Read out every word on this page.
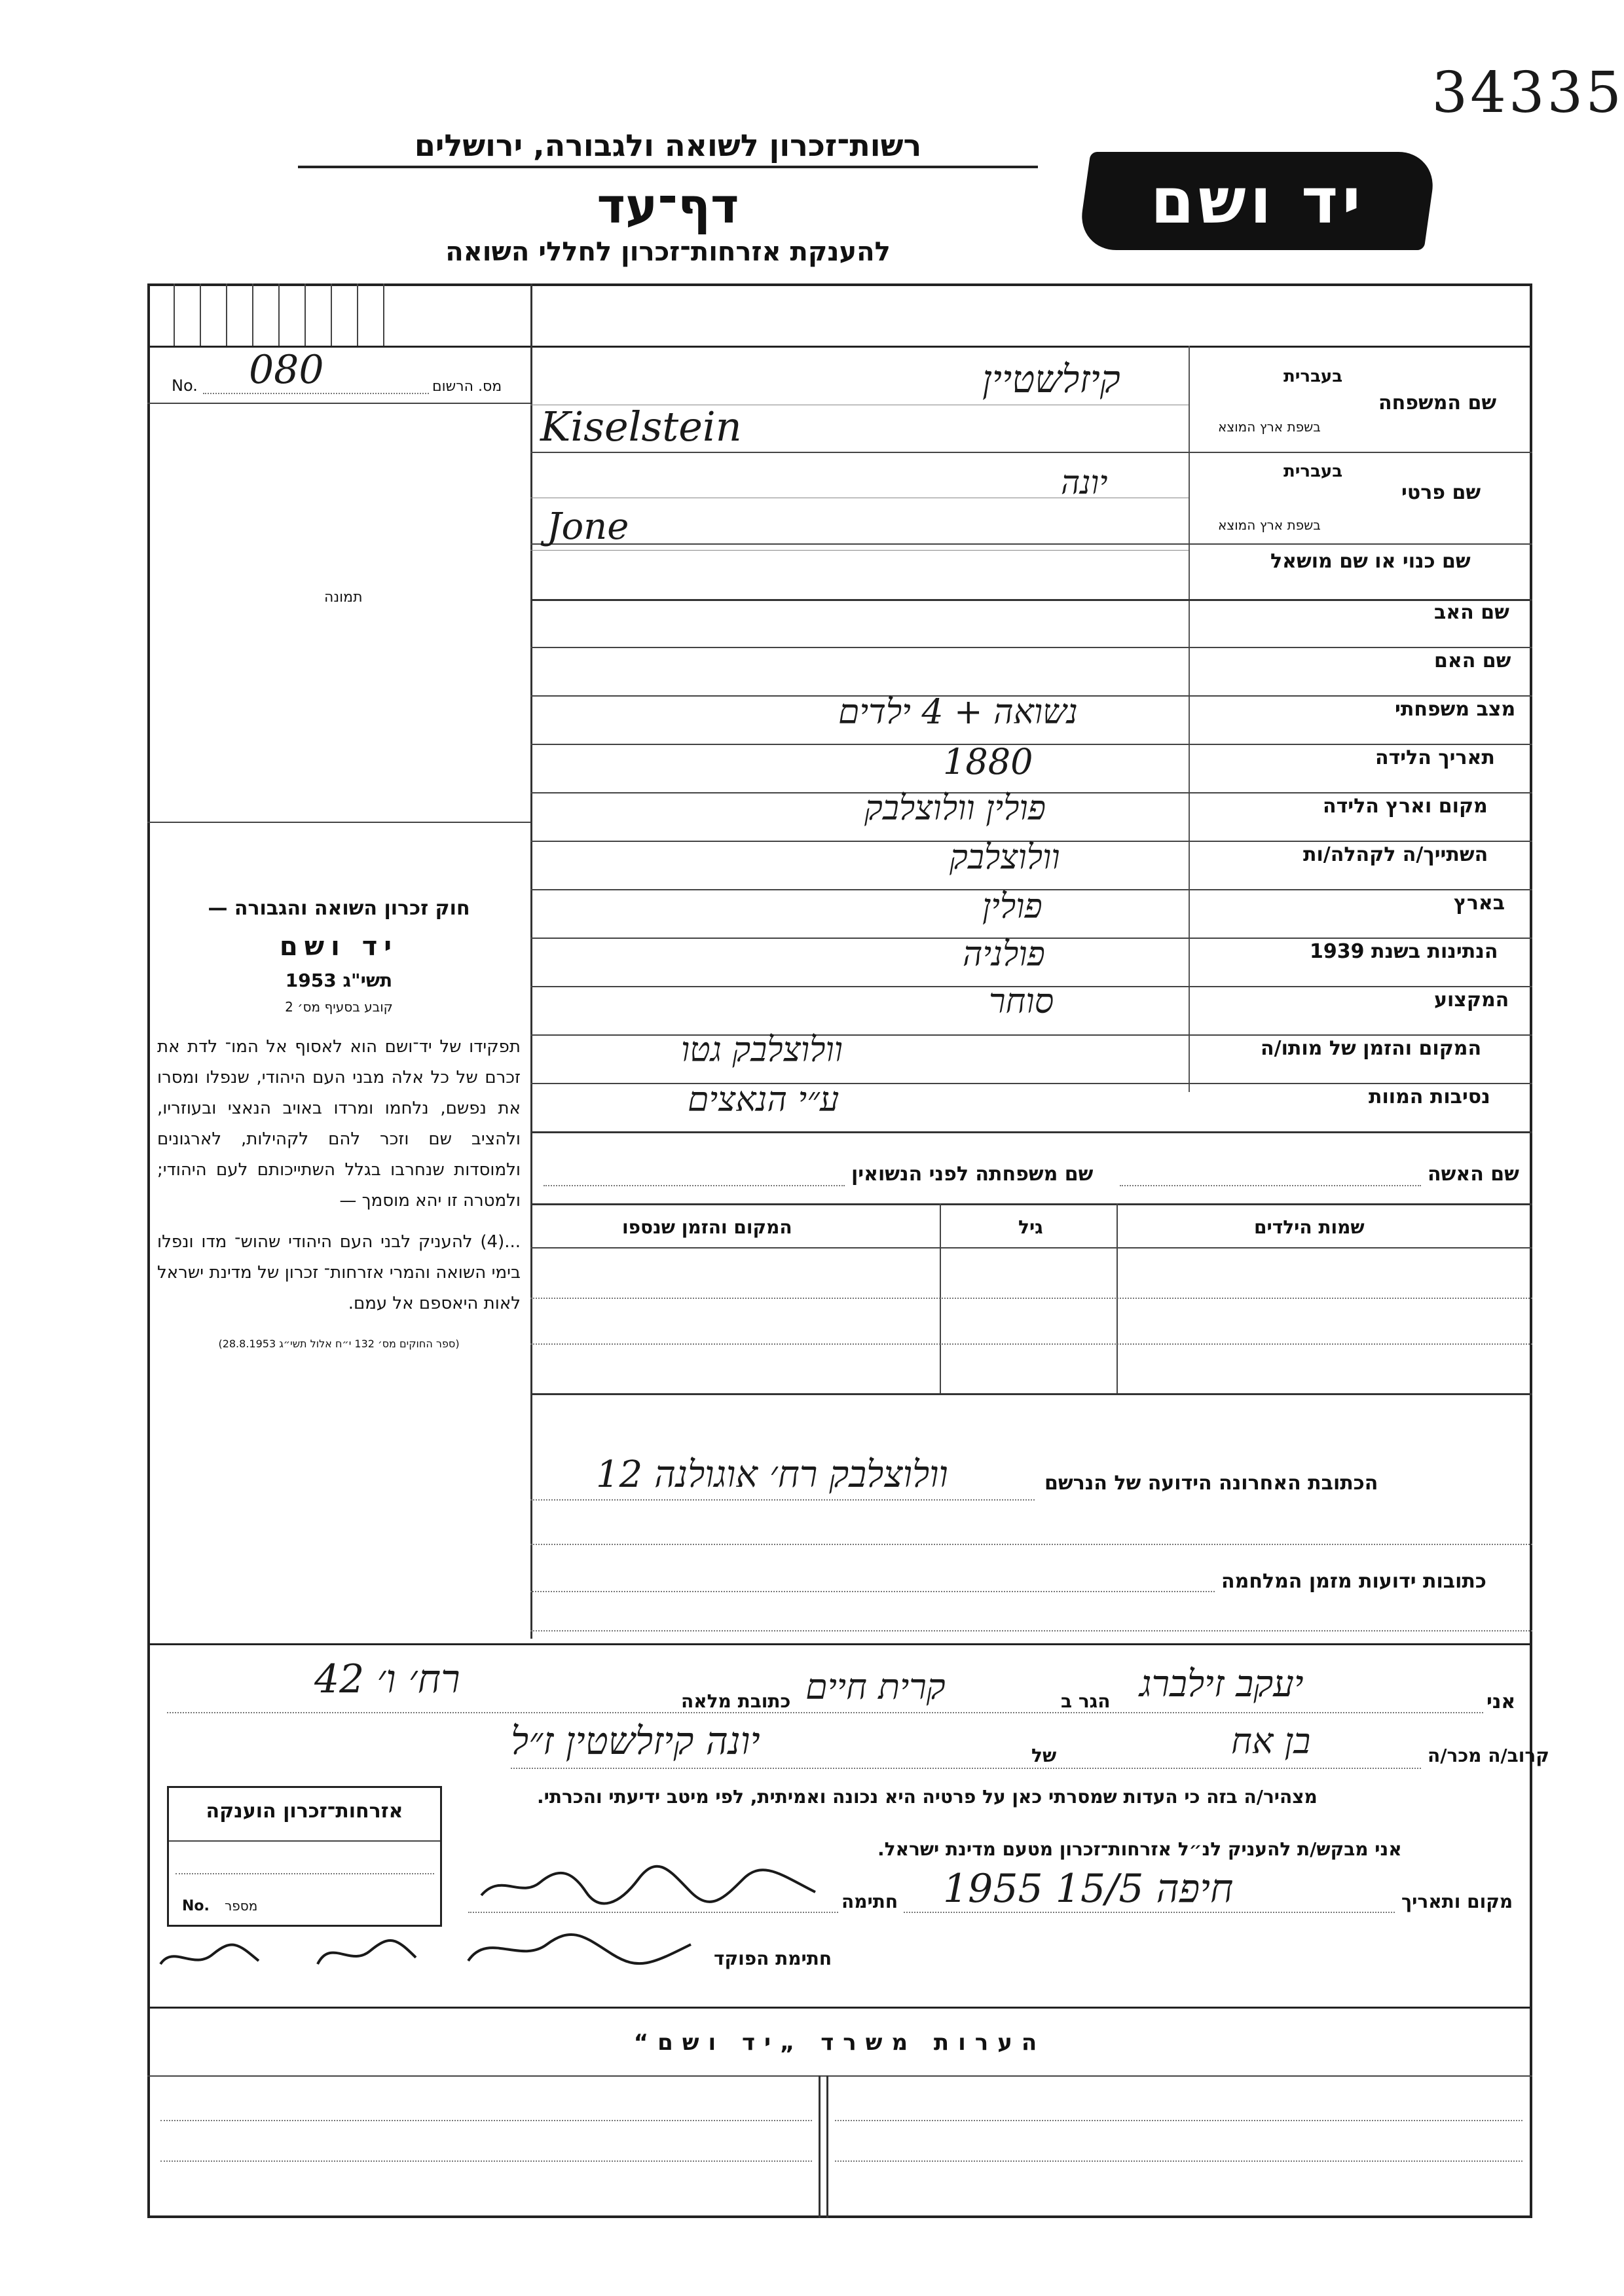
34335
רשות־זכרון לשואה ולגבורה, ירושלים
דף־עד
להענקת אזרחות־זכרון לחללי השואה
יד ושם
No. 080	מס. הרשום
תמונה
חוק זכרון השואה והגבורה —
יד ושם
תשי"ג 1953
קובע בסעיף מס׳ 2
תפקידו של יד־ושם הוא לאסוף אל המו־ לדת את זכרם של כל אלה מבני העם היהודי, שנפלו ומסרו את נפשם, נלחמו ומרדו באויב הנאצי ובעוזריו, ולהציב שם וזכר להם לקהילות, לארגונים ולמוסדות שנחרבו בגלל השתייכותם לעם היהודי; ולמטרה זו יהא מוסמך —
...(4) להעניק לבני העם היהודי שהוש־ מדו ונפלו בימי השואה והמרי אזרחות־ זכרון של מדינת ישראל לאות היאספם אל עמם.
(ספר החוקים מס׳ 132 י״ח אלול תשי״ג 28.8.1953)
שם המשפחה
בעברית
בשפת ארץ המוצא
קיזלשטיין
Kiselstein
שם פרטי
בעברית
בשפת ארץ המוצא
יונה
Jone
שם כנוי או שם מושאל
שם האב
שם האם
מצב משפחתי
נשואה + 4 ילדים
תאריך הלידה
1880
מקום וארץ הלידה
פולין וולוצלבק
השתייך/ה לקהלה/ות
וולוצלבק
בארץ
פולין
הנתינות בשנת 1939
פולניה
המקצוע
סוחר
המקום והזמן של מותו/ה
וולוצלבק גטו
נסיבות המוות
ע״י הנאצים
שם האשה
שם משפחתה לפני הנשואין
שמות הילדים
גיל
המקום והזמן שנספו
הכתובת האחרונה הידועה של הנרשם
וולוצלבק רח׳ אוגולנה 12
כתובות ידועות מזמן המלחמה
אני
יעקב זילברג
הגר ב
קרית חיים
כתובת מלאה
רח׳ ו׳ 42
קרוב/ה מכר/ה
בן אח
של
יונה קיזלשטין ז״ל
מצהיר/ה בזה כי העדות שמסרתי כאן על פרטיה היא נכונה ואמיתית, לפי מיטב ידיעתי והכרתי.
אני מבקש/ת להעניק לנ״ל אזרחות־זכרון מטעם מדינת ישראל.
מקום ותאריך
חיפה 15/5 1955
חתימה
חתימת הפוקד
אזרחות־זכרון הוענקה
No. מספר
הערות משרד „יד ושם“
